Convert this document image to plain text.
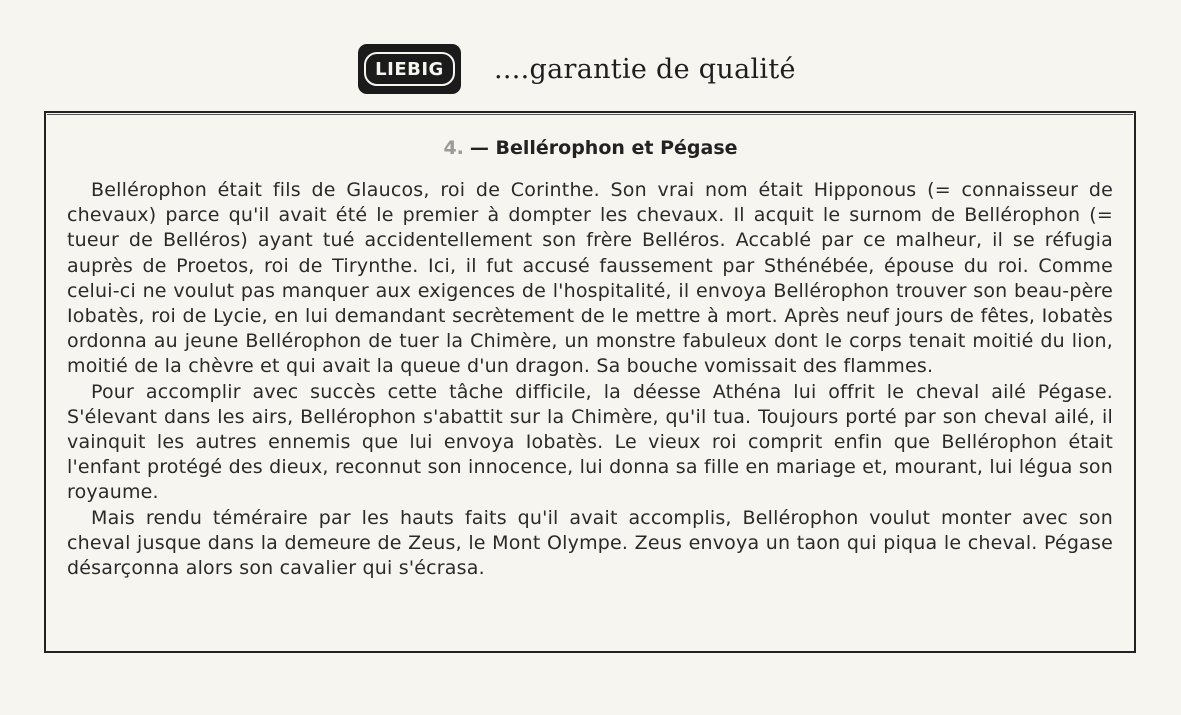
LIEBIG	....garantie de qualité
4. — Bellérophon et Pégase

Bellérophon était fils de Glaucos, roi de Corinthe. Son vrai nom était Hipponous (= connaisseur de chevaux) parce qu'il avait été le premier à dompter les chevaux. Il acquit le surnom de Bellérophon (= tueur de Belléros) ayant tué accidentellement son frère Belléros. Accablé par ce malheur, il se réfugia auprès de Proetos, roi de Tirynthe. Ici, il fut accusé faussement par Sthénébée, épouse du roi. Comme celui-ci ne voulut pas manquer aux exigences de l'hospitalité, il envoya Bellérophon trouver son beau-père Iobatès, roi de Lycie, en lui demandant secrètement de le mettre à mort. Après neuf jours de fêtes, Iobatès ordonna au jeune Bellérophon de tuer la Chimère, un monstre fabuleux dont le corps tenait moitié du lion, moitié de la chèvre et qui avait la queue d'un dragon. Sa bouche vomissait des flammes.

Pour accomplir avec succès cette tâche difficile, la déesse Athéna lui offrit le cheval ailé Pégase. S'élevant dans les airs, Bellérophon s'abattit sur la Chimère, qu'il tua. Toujours porté par son cheval ailé, il vainquit les autres ennemis que lui envoya Iobatès. Le vieux roi comprit enfin que Bellérophon était l'enfant protégé des dieux, reconnut son innocence, lui donna sa fille en mariage et, mourant, lui légua son royaume.

Mais rendu téméraire par les hauts faits qu'il avait accomplis, Bellérophon voulut monter avec son cheval jusque dans la demeure de Zeus, le Mont Olympe. Zeus envoya un taon qui piqua le cheval. Pégase désarçonna alors son cavalier qui s'écrasa.
